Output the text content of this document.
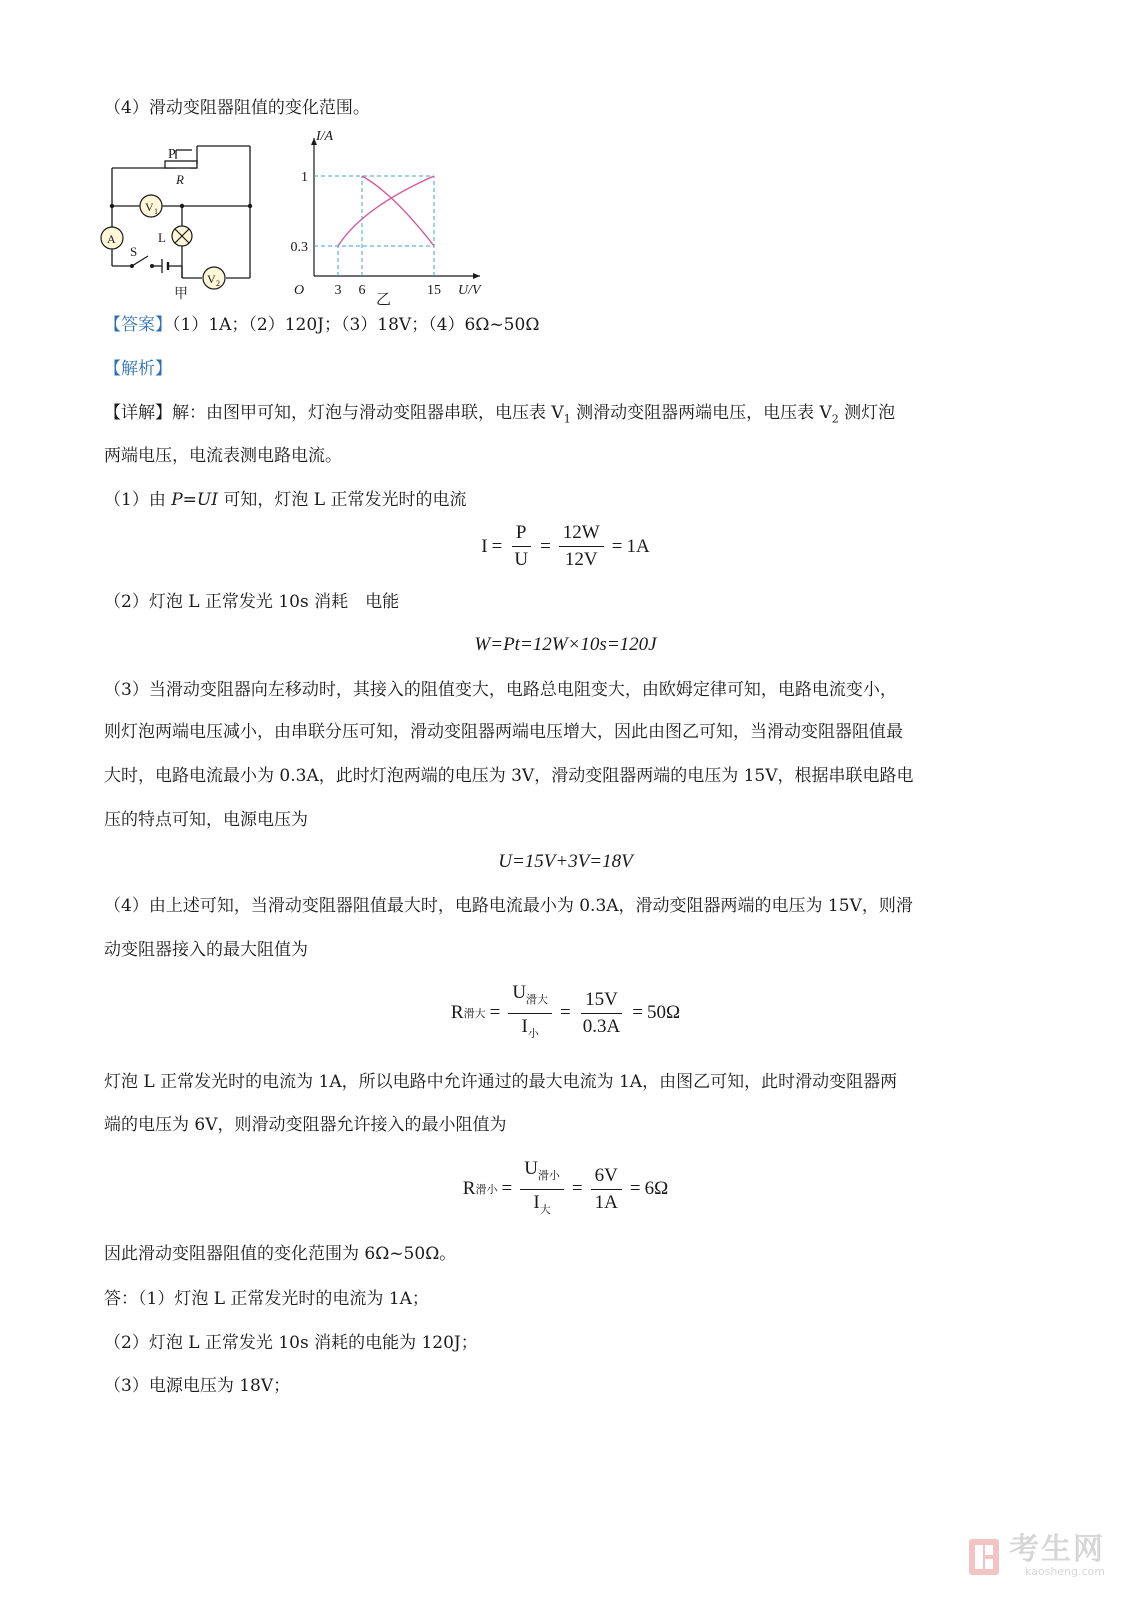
（4）滑动变阻器阻值的变化范围。
P
R
V 1
A	L
S
V 2
甲
I/A
U/V
O 3 6	15
0.3
1
乙
【答案】（1）1A；（2）120J；（3）18V；（4）6Ω~50Ω
【解析】
【详解】解：由图甲可知，灯泡与滑动变阻器串联，电压表 $V_1$ 测滑动变阻器两端电压，电压表 $V_2$ 测灯泡
两端电压，电流表测电路电流。
（1）由 P=UI 可知，灯泡 L 正常发光时的电流
$I = \frac{P}{U} = \frac{12W}{12V} = 1A$
（2）灯泡 L 正常发光 10s 消耗　电能
W=Pt=12W×10s=120J
（3）当滑动变阻器向左移动时，其接入的阻值变大，电路总电阻变大，由欧姆定律可知，电路电流变小，
则灯泡两端电压减小，由串联分压可知，滑动变阻器两端电压增大，因此由图乙可知，当滑动变阻器阻值最
大时，电路电流最小为 0.3A，此时灯泡两端的电压为 3V，滑动变阻器两端的电压为 15V，根据串联电路电
压的特点可知，电源电压为
U=15V+3V=18V
（4）由上述可知，当滑动变阻器阻值最大时，电路电流最小为 0.3A，滑动变阻器两端的电压为 15V，则滑
动变阻器接入的最大阻值为
R 滑大 = $\frac{U_{滑大}}{I_小} = \frac{15V}{0.3A} = 50\Omega$
灯泡 L 正常发光时的电流为 1A，所以电路中允许通过的最大电流为 1A，由图乙可知，此时滑动变阻器两
端的电压为 6V，则滑动变阻器允许接入的最小阻值为
R 滑小 = $\frac{U_{滑小}}{I_大} = \frac{6V}{1A} = 6\Omega$
因此滑动变阻器阻值的变化范围为 6Ω~50Ω。
答：（1）灯泡 L 正常发光时的电流为 1A；
（2）灯泡 L 正常发光 10s 消耗的电能为 120J；
（3）电源电压为 18V；
考生网
kaosheng.com
